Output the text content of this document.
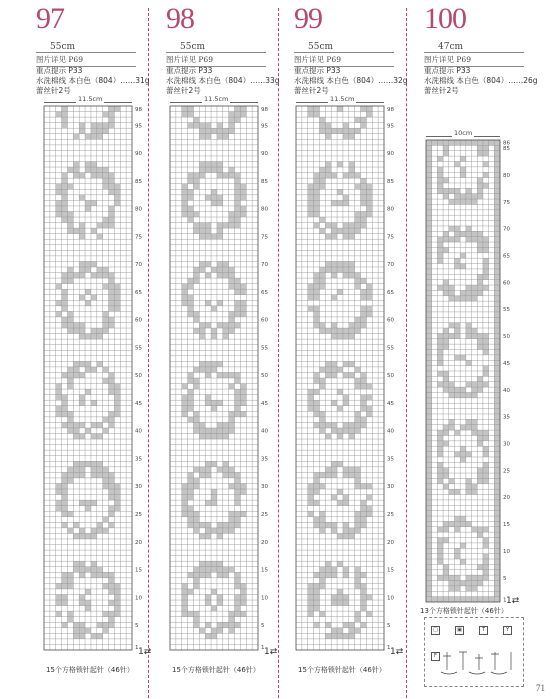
97
55cm
图片详见 P69
重点提示 P33
水洗棉线 本白色（804）……31g
蕾丝针2号
11.5cm
98
95
90
85
80
75
70
65
60
55
50
45
40
35
30
25
20
15
10
5
1
15个方格锁针起针（46针）
1⇄
98
55cm
图片详见 P69
重点提示 P33
水洗棉线 本白色（804）……33g
蕾丝针2号
11.5cm
98
95
90
85
80
75
70
65
60
55
50
45
40
35
30
25
20
15
10
5
1
15个方格锁针起针（46针）
1⇄
99
55cm
图片详见 P69
重点提示 P33
水洗棉线 本白色（804）……32g
蕾丝针2号
11.5cm
98
95
90
85
80
75
70
65
60
55
50
45
40
35
30
25
20
15
10
5
1
15个方格锁针起针（46针）
1⇄
100
47cm
图片详见 P69
重点提示 P33
水洗棉线 本白色（804）……26g
蕾丝针2号
10cm
86
85
80
75
70
65
60
55
50
45
40
35
30
25
20
15
10
5
1
13个方格锁针起针（46针）
1⇄
□	▣	T	Y
F
71
